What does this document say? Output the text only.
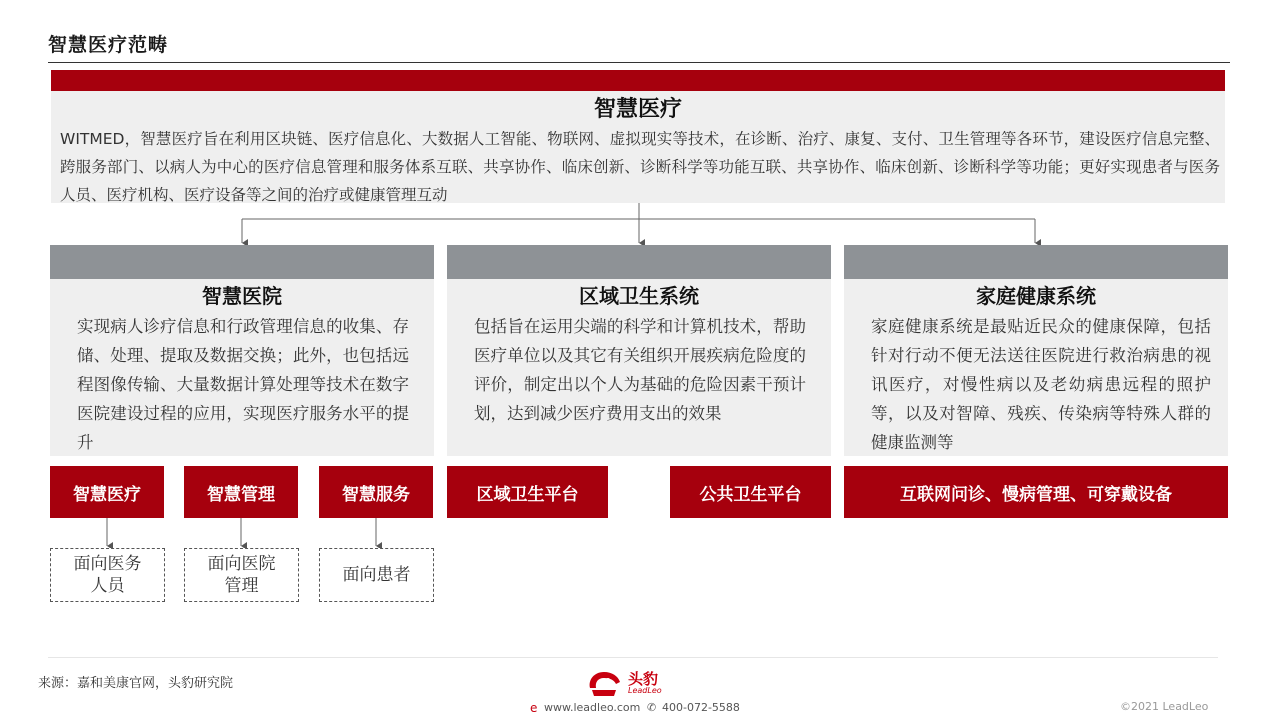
智慧医疗范畴
智慧医疗
WITMED，智慧医疗旨在利用区块链、医疗信息化、大数据人工智能、物联网、虚拟现实等技术，在诊断、治疗、康复、支付、卫生管理等各环节，建设医疗信息完整、跨服务部门、以病人为中心的医疗信息管理和服务体系互联、共享协作、临床创新、诊断科学等功能互联、共享协作、临床创新、诊断科学等功能；更好实现患者与医务人员、医疗机构、医疗设备等之间的治疗或健康管理互动
智慧医院
实现病人诊疗信息和行政管理信息的收集、存储、处理、提取及数据交换；此外，也包括远程图像传输、大量数据计算处理等技术在数字医院建设过程的应用，实现医疗服务水平的提升
区域卫生系统
包括旨在运用尖端的科学和计算机技术，帮助医疗单位以及其它有关组织开展疾病危险度的评价，制定出以个人为基础的危险因素干预计划，达到减少医疗费用支出的效果
家庭健康系统
家庭健康系统是最贴近民众的健康保障，包括针对行动不便无法送往医院进行救治病患的视讯医疗，对慢性病以及老幼病患远程的照护等，以及对智障、残疾、传染病等特殊人群的健康监测等
智慧医疗	智慧管理	智慧服务	区域卫生平台	公共卫生平台	互联网问诊、慢病管理、可穿戴设备
面向医务人员
面向医院管理
面向患者
来源：嘉和美康官网，头豹研究院	头豹
LeadLeo
e www.leadleo.com ✆ 400-072-5588	©2021 LeadLeo
